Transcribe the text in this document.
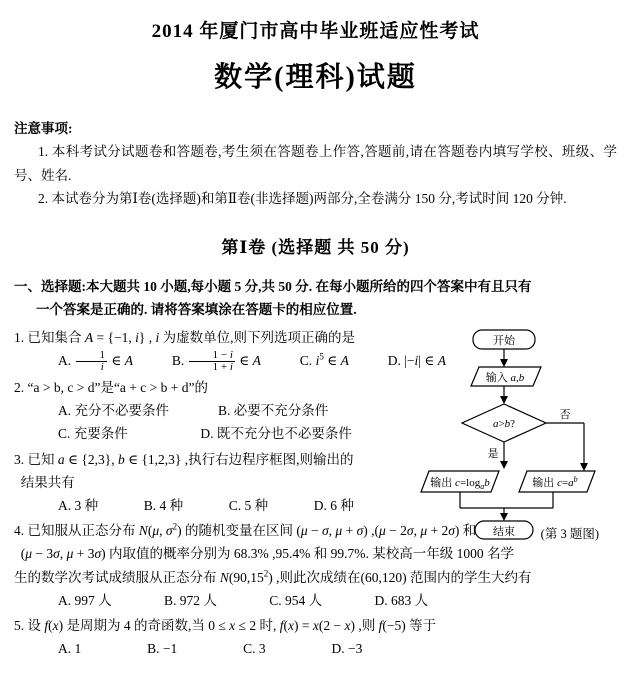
2014 年厦门市高中毕业班适应性考试
数学(理科)试题
注意事项:

1. 本科考试分试题卷和答题卷,考生须在答题卷上作答,答题前,请在答题卷内填写学校、班级、学号、姓名.

2. 本试卷分为第Ⅰ卷(选择题)和第Ⅱ卷(非选择题)两部分,全卷满分 150 分,考试时间 120 分钟.

第Ⅰ卷 (选择题 共 50 分)
一、选择题:本大题共 10 小题,每小题 5 分,共 50 分. 在每小题所给的四个答案中有且只有
一个答案是正确的. 请将答案填涂在答题卡的相应位置.
开始
输入 a,b
a>b?
是
否
输出 $c=\log_ab$	输出 $c=a^b$
结束 (第 3 题图)
1. 已知集合 A = {−1, i} , i 为虚数单位,则下列选项正确的是
A. $\frac{1}{i}$ ∈ A	B. $\frac{1 - i}{1 + i}$ ∈ A	C. $i^5$ ∈ A	D. |−i| ∈ A
2. “a > b, c > d”是“a + c > b + d”的
A. 充分不必要条件	B. 必要不充分条件
C. 充要条件	D. 既不充分也不必要条件
3. 已知 a ∈ {2,3}, b ∈ {1,2,3} ,执行右边程序框图,则输出的
结果共有
A. 3 种	B. 4 种	C. 5 种	D. 6 种
4. 已知服从正态分布 N(μ, $\sigma^2$) 的随机变量在区间 (μ − σ, μ + σ) ,(μ − 2σ, μ + 2σ) 和
(μ − 3σ, μ + 3σ) 内取值的概率分别为 68.3% ,95.4% 和 99.7%. 某校高一年级 1000 名学
生的数学次考试成绩服从正态分布 N(90,15$^2$) ,则此次成绩在(60,120) 范围内的学生大约有
A. 997 人	B. 972 人	C. 954 人	D. 683 人
5. 设 f(x) 是周期为 4 的奇函数,当 0 ≤ x ≤ 2 时, f(x) = x(2 − x) ,则 f(−5) 等于
A. 1	B. −1	C. 3	D. −3
